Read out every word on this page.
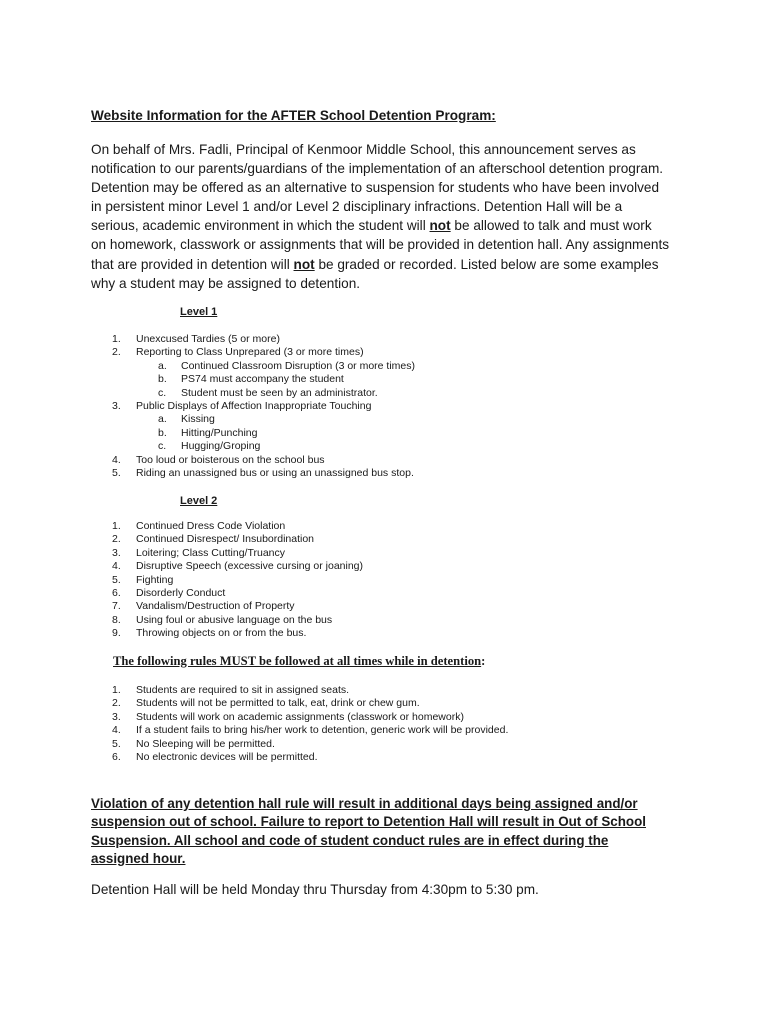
Website Information for the AFTER School Detention Program:
On behalf of Mrs. Fadli, Principal of Kenmoor Middle School, this announcement serves as
notification to our parents/guardians of the implementation of an afterschool detention program.
Detention may be offered as an alternative to suspension for students who have been involved
in persistent minor Level 1 and/or Level 2 disciplinary infractions. Detention Hall will be a
serious, academic environment in which the student will not be allowed to talk and must work
on homework, classwork or assignments that will be provided in detention hall. Any assignments
that are provided in detention will not be graded or recorded. Listed below are some examples
why a student may be assigned to detention.
Level 1
1. Unexcused Tardies (5 or more)
2. Reporting to Class Unprepared (3 or more times)
a. Continued Classroom Disruption (3 or more times)
b. PS74 must accompany the student
c. Student must be seen by an administrator.
3. Public Displays of Affection Inappropriate Touching
a. Kissing
b. Hitting/Punching
c. Hugging/Groping
4. Too loud or boisterous on the school bus
5. Riding an unassigned bus or using an unassigned bus stop.
Level 2
1. Continued Dress Code Violation
2. Continued Disrespect/ Insubordination
3. Loitering; Class Cutting/Truancy
4. Disruptive Speech (excessive cursing or joaning)
5. Fighting
6. Disorderly Conduct
7. Vandalism/Destruction of Property
8. Using foul or abusive language on the bus
9. Throwing objects on or from the bus.
The following rules MUST be followed at all times while in detention:
1. Students are required to sit in assigned seats.
2. Students will not be permitted to talk, eat, drink or chew gum.
3. Students will work on academic assignments (classwork or homework)
4. If a student fails to bring his/her work to detention, generic work will be provided.
5. No Sleeping will be permitted.
6. No electronic devices will be permitted.
Violation of any detention hall rule will result in additional days being assigned and/or
suspension out of school. Failure to report to Detention Hall will result in Out of School
Suspension. All school and code of student conduct rules are in effect during the
assigned hour.
Detention Hall will be held Monday thru Thursday from 4:30pm to 5:30 pm.
